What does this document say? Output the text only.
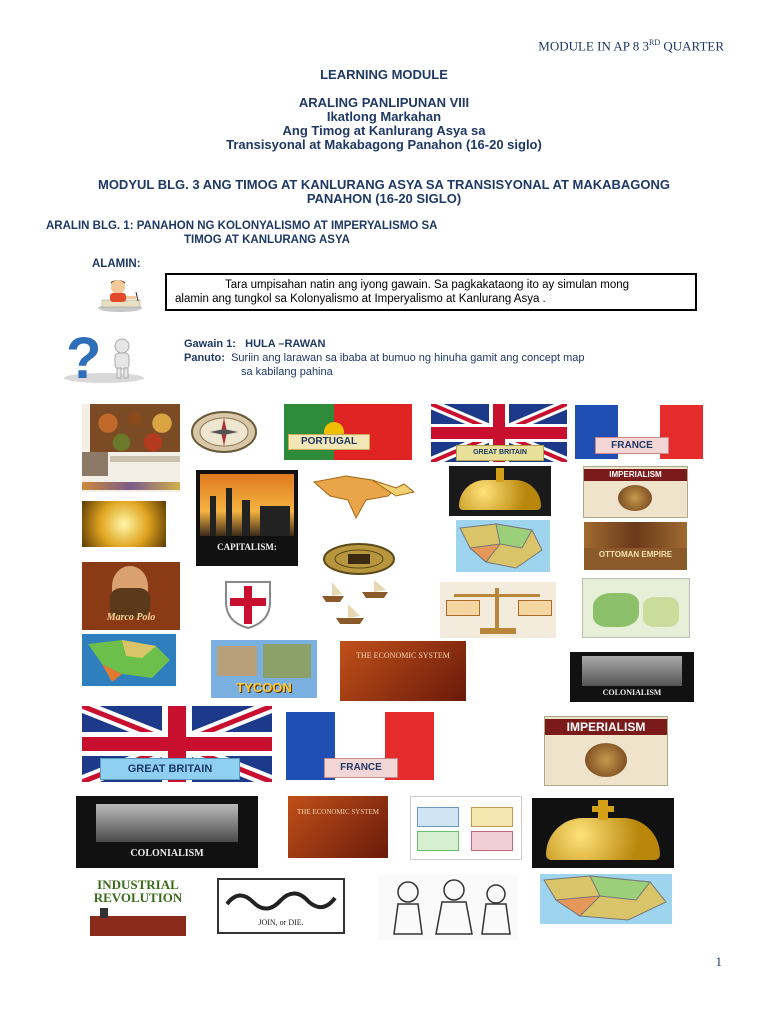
MODULE IN AP 8 3RD QUARTER
LEARNING MODULE
ARALING PANLIPUNAN VIII
Ikatlong Markahan
Ang Timog at Kanlurang Asya sa
Transisyonal at Makabagong Panahon (16-20 siglo)
MODYUL BLG. 3 ANG TIMOG AT KANLURANG ASYA SA TRANSISYONAL AT MAKABAGONG
PANAHON (16-20 SIGLO)
ARALIN BLG. 1: PANAHON NG KOLONYALISMO AT IMPERYALISMO SA
TIMOG AT KANLURANG ASYA
ALAMIN:
Tara umpisahan natin ang iyong gawain. Sa pagkakataong ito ay simulan mong
alamin ang tungkol sa Kolonyalismo at Imperyalismo at Kanlurang Asya .
?	Gawain 1: HULA –RAWAN
Panuto: Suriin ang larawan sa ibaba at bumuo ng hinuha gamit ang concept map
sa kabilang pahina
PORTUGAL
GREAT BRITAIN
FRANCE
CAPITALISM:
IMPERIALISM
OTTOMAN EMPIRE
Marco Polo
TYCOON
THE ECONOMIC SYSTEM
COLONIALISM
GREAT BRITAIN	FRANCE
IMPERIALISM
COLONIALISM
THE ECONOMIC SYSTEM
INDUSTRIAL REVOLUTION
JOIN, or DIE.
1
